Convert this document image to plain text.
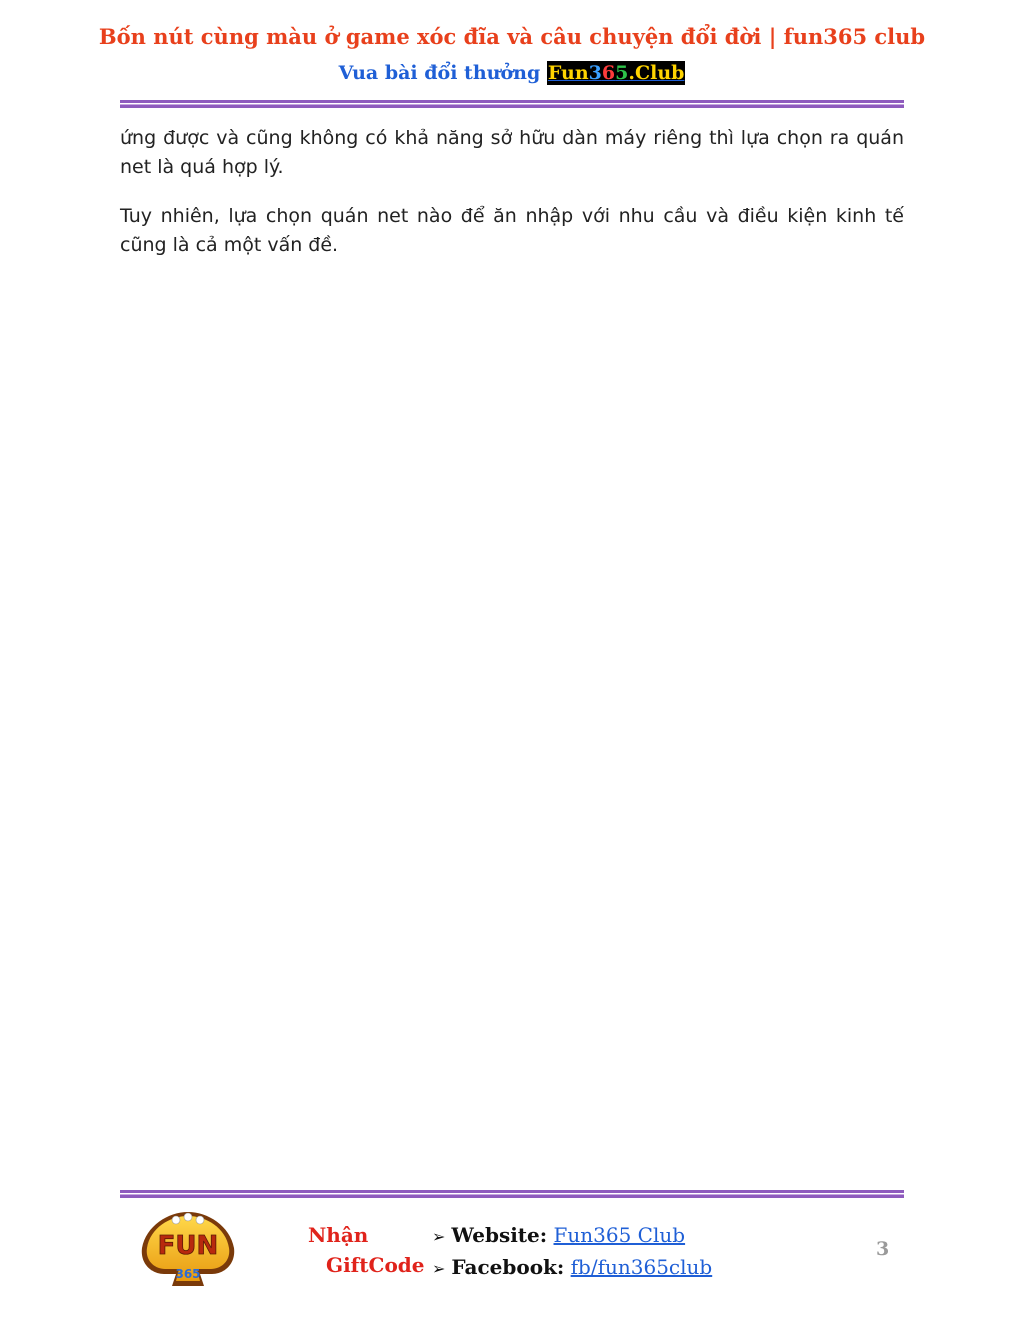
Bốn nút cùng màu ở game xóc đĩa và câu chuyện đổi đời | fun365 club
Vua bài đổi thưởng Fun365.Club

ứng được và cũng không có khả năng sở hữu dàn máy riêng thì lựa chọn ra quán net là quá hợp lý.

Tuy nhiên, lựa chọn quán net nào để ăn nhập với nhu cầu và điều kiện kinh tế cũng là cả một vấn đề.

FUN
365
Nhận
GiftCode
➢ Website: Fun365 Club
➢ Facebook: fb/fun365club
3
